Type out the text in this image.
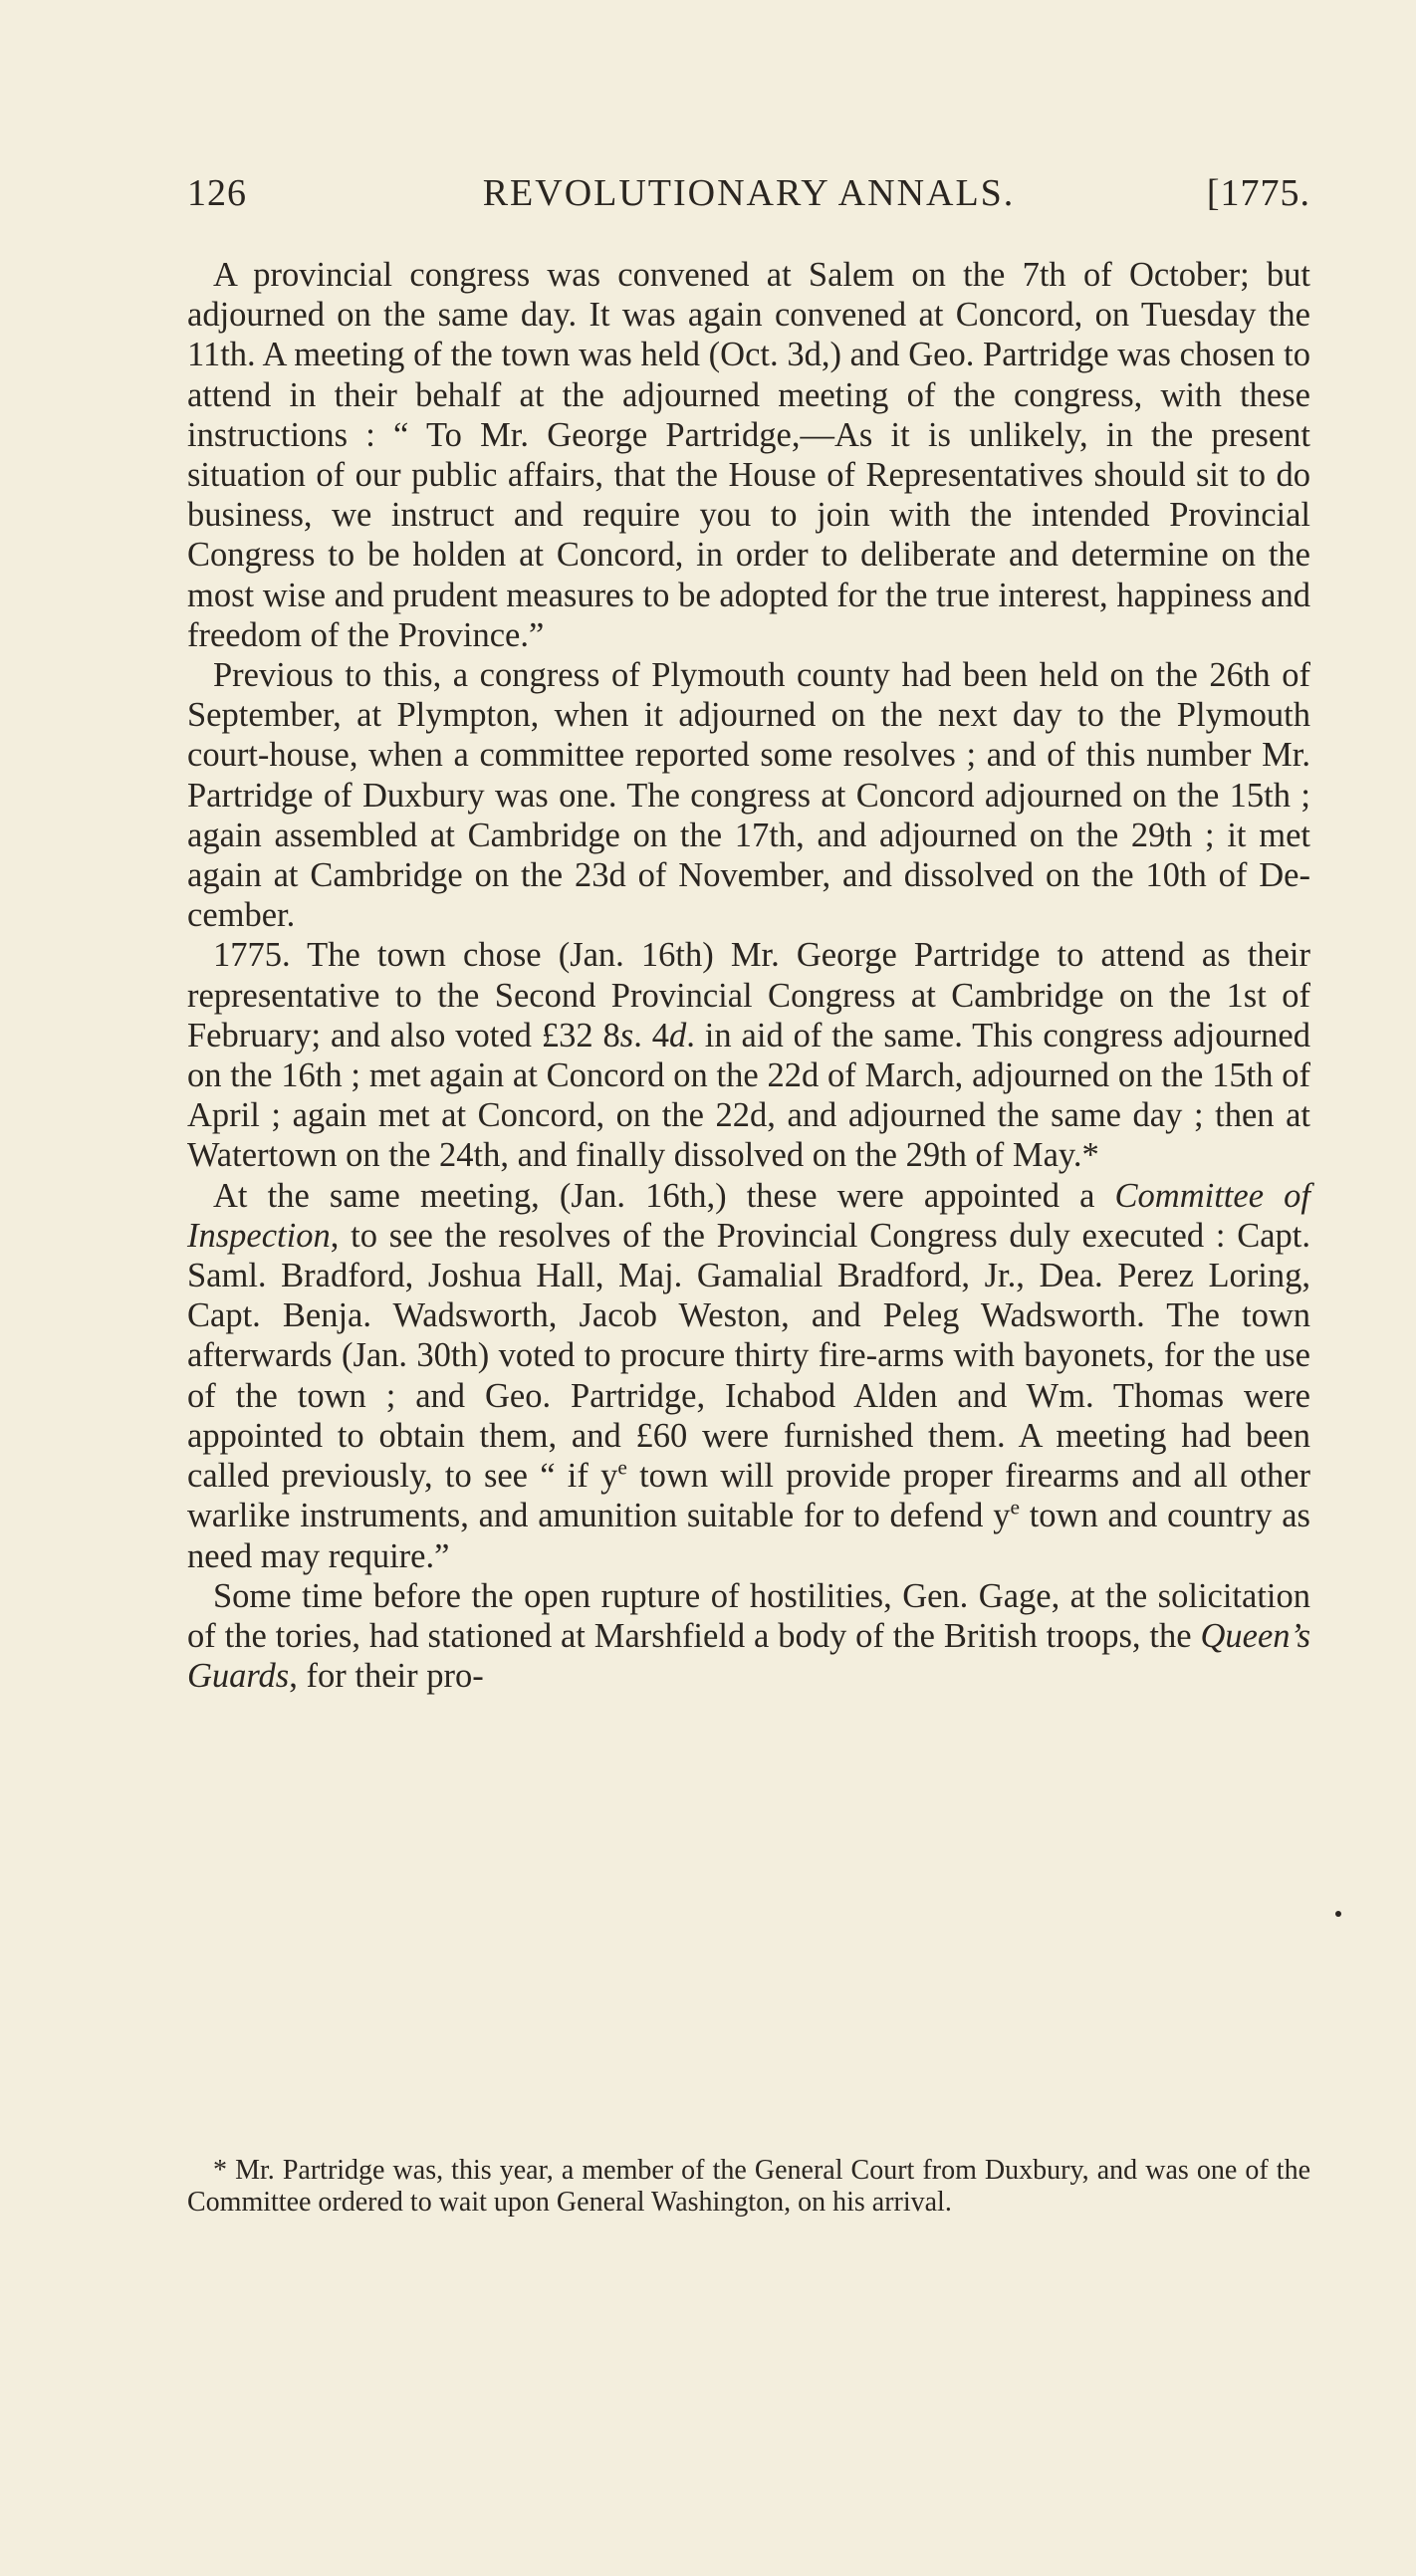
126	REVOLUTIONARY ANNALS.	[1775.

A provincial congress was convened at Salem on the 7th of October; but adjourned on the same day. It was again convened at Concord, on Tuesday the 11th. A meeting of the town was held (Oct. 3d,) and Geo. Partridge was chosen to attend in their behalf at the adjourned meeting of the congress, with these instructions : “ To Mr. George Partridge,—As it is unlikely, in the present situation of our public affairs, that the House of Representatives should sit to do business, we instruct and require you to join with the intended Provincial Congress to be holden at Concord, in order to deliberate and determine on the most wise and prudent measures to be adopted for the true interest, happiness and freedom of the Province.”

Previous to this, a congress of Plymouth county had been held on the 26th of September, at Plympton, when it adjourned on the next day to the Plymouth court-house, when a committee reported some resolves ; and of this number Mr. Partridge of Duxbury was one. The congress at Concord adjourned on the 15th ; again assembled at Cambridge on the 17th, and adjourned on the 29th ; it met again at Cambridge on the 23d of November, and dissolved on the 10th of December.

1775. The town chose (Jan. 16th) Mr. George Partridge to attend as their representative to the Second Provincial Congress at Cambridge on the 1st of February; and also voted £32 8s. 4d. in aid of the same. This congress adjourned on the 16th ; met again at Concord on the 22d of March, adjourned on the 15th of April ; again met at Concord, on the 22d, and adjourned the same day ; then at Watertown on the 24th, and finally dissolved on the 29th of May.*

At the same meeting, (Jan. 16th,) these were appointed a Committee of Inspection, to see the resolves of the Provincial Congress duly executed : Capt. Saml. Bradford, Joshua Hall, Maj. Gamalial Bradford, Jr., Dea. Perez Loring, Capt. Benja. Wadsworth, Jacob Weston, and Peleg Wadsworth. The town afterwards (Jan. 30th) voted to procure thirty fire-arms with bayonets, for the use of the town ; and Geo. Partridge, Ichabod Alden and Wm. Thomas were appointed to obtain them, and £60 were furnished them. A meeting had been called previously, to see “ if $y^e$ town will provide proper firearms and all other warlike instruments, and amunition suitable for to defend $y^e$ town and country as need may require.”

Some time before the open rupture of hostilities, Gen. Gage, at the solicitation of the tories, had stationed at Marshfield a body of the British troops, the Queen’s Guards, for their pro-

* Mr. Partridge was, this year, a member of the General Court from Duxbury, and was one of the Committee ordered to wait upon General Washington, on his arrival.
